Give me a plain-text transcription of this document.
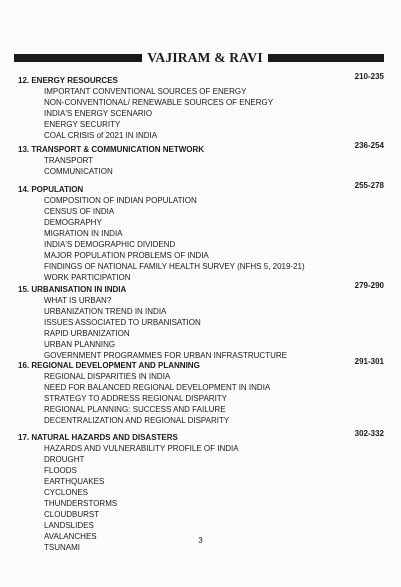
VAJIRAM & RAVI
12. ENERGY RESOURCES	210-235
IMPORTANT CONVENTIONAL SOURCES OF ENERGY
NON-CONVENTIONAL/ RENEWABLE SOURCES OF ENERGY
INDIA'S ENERGY SCENARIO
ENERGY SECURITY
COAL CRISIS of 2021 IN INDIA
13. TRANSPORT & COMMUNICATION NETWORK	236-254
TRANSPORT
COMMUNICATION
14. POPULATION	255-278
COMPOSITION OF INDIAN POPULATION
CENSUS OF INDIA
DEMOGRAPHY
MIGRATION IN INDIA
INDIA'S DEMOGRAPHIC DIVIDEND
MAJOR POPULATION PROBLEMS OF INDIA
FINDINGS OF NATIONAL FAMILY HEALTH SURVEY (NFHS 5, 2019-21)
WORK PARTICIPATION
15. URBANISATION IN INDIA	279-290
WHAT IS URBAN?
URBANIZATION TREND IN INDIA
ISSUES ASSOCIATED TO URBANISATION
RAPID URBANIZATION
URBAN PLANNING
GOVERNMENT PROGRAMMES FOR URBAN INFRASTRUCTURE
16. REGIONAL DEVELOPMENT AND PLANNING	291-301
REGIONAL DISPARITIES IN INDIA
NEED FOR BALANCED REGIONAL DEVELOPMENT IN INDIA
STRATEGY TO ADDRESS REGIONAL DISPARITY
REGIONAL PLANNING: SUCCESS AND FAILURE
DECENTRALIZATION AND REGIONAL DISPARITY
17. NATURAL HAZARDS AND DISASTERS	302-332
HAZARDS AND VULNERABILITY PROFILE OF INDIA
DROUGHT
FLOODS
EARTHQUAKES
CYCLONES
THUNDERSTORMS
CLOUDBURST
LANDSLIDES
AVALANCHES
TSUNAMI
3
